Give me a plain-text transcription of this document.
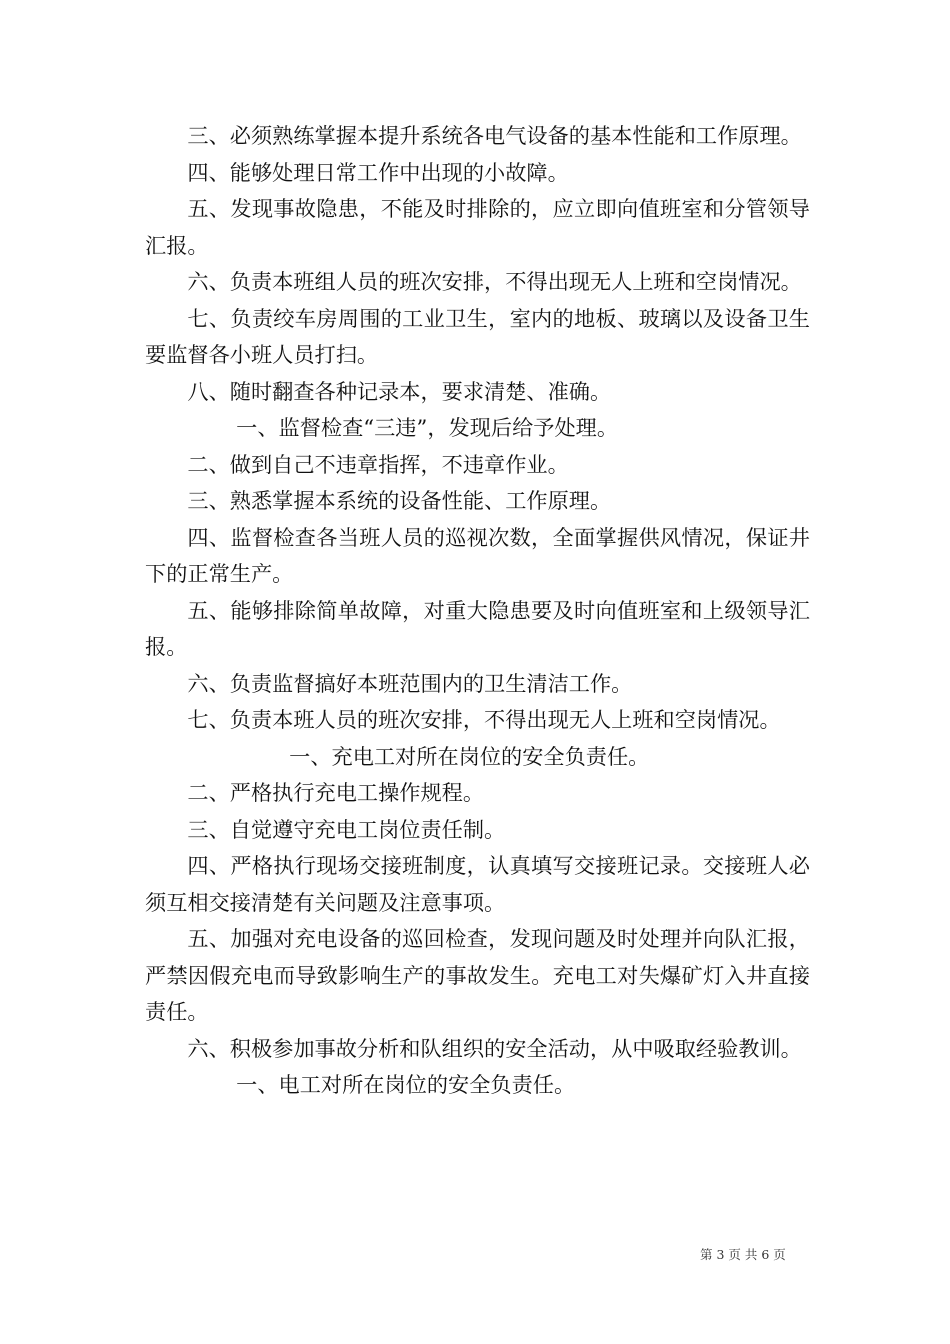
三、必须熟练掌握本提升系统各电气设备的基本性能和工作原理。

四、能够处理日常工作中出现的小故障。

五、发现事故隐患，不能及时排除的，应立即向值班室和分管领导汇报。

六、负责本班组人员的班次安排，不得出现无人上班和空岗情况。

七、负责绞车房周围的工业卫生，室内的地板、玻璃以及设备卫生要监督各小班人员打扫。

八、随时翻查各种记录本，要求清楚、准确。

一、监督检查“三违”，发现后给予处理。

二、做到自己不违章指挥，不违章作业。

三、熟悉掌握本系统的设备性能、工作原理。

四、监督检查各当班人员的巡视次数，全面掌握供风情况，保证井下的正常生产。

五、能够排除简单故障，对重大隐患要及时向值班室和上级领导汇报。

六、负责监督搞好本班范围内的卫生清洁工作。

七、负责本班人员的班次安排，不得出现无人上班和空岗情况。

一、充电工对所在岗位的安全负责任。

二、严格执行充电工操作规程。

三、自觉遵守充电工岗位责任制。

四、严格执行现场交接班制度，认真填写交接班记录。交接班人必须互相交接清楚有关问题及注意事项。

五、加强对充电设备的巡回检查，发现问题及时处理并向队汇报，严禁因假充电而导致影响生产的事故发生。充电工对失爆矿灯入井直接责任。

六、积极参加事故分析和队组织的安全活动，从中吸取经验教训。

一、电工对所在岗位的安全负责任。

第 3 页 共 6 页
